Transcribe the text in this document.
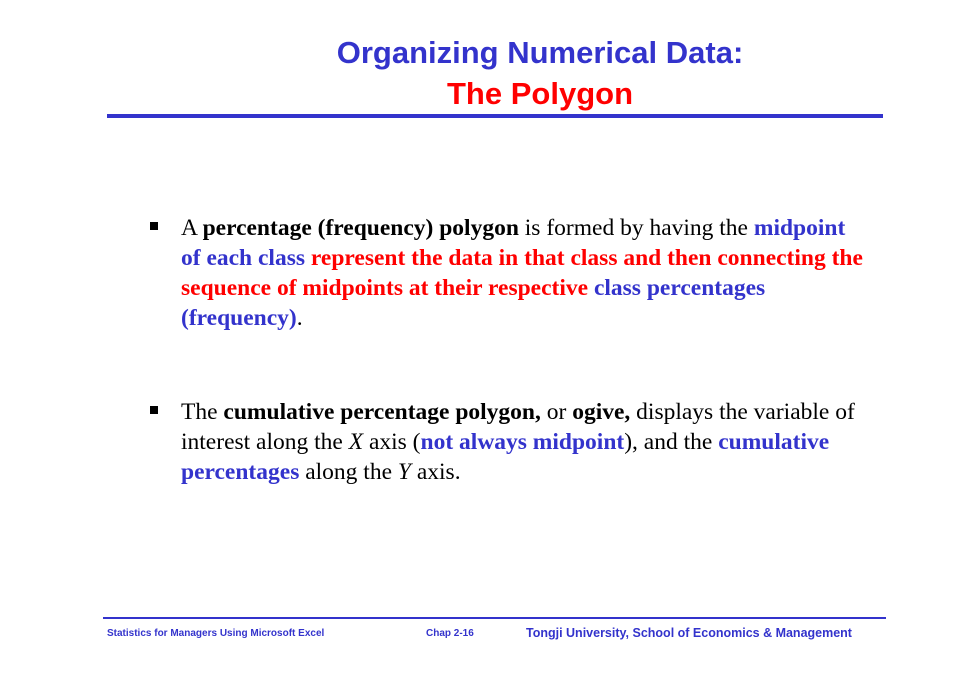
Organizing Numerical Data:
The Polygon
A percentage (frequency) polygon is formed by having the midpoint of each class represent the data in that class and then connecting the sequence of midpoints at their respective class percentages (frequency).
The cumulative percentage polygon, or ogive, displays the variable of interest along the X axis (not always midpoint), and the cumulative percentages along the Y axis.
Statistics for Managers Using Microsoft Excel	Chap 2-16	Tongji University, School of Economics & Management
